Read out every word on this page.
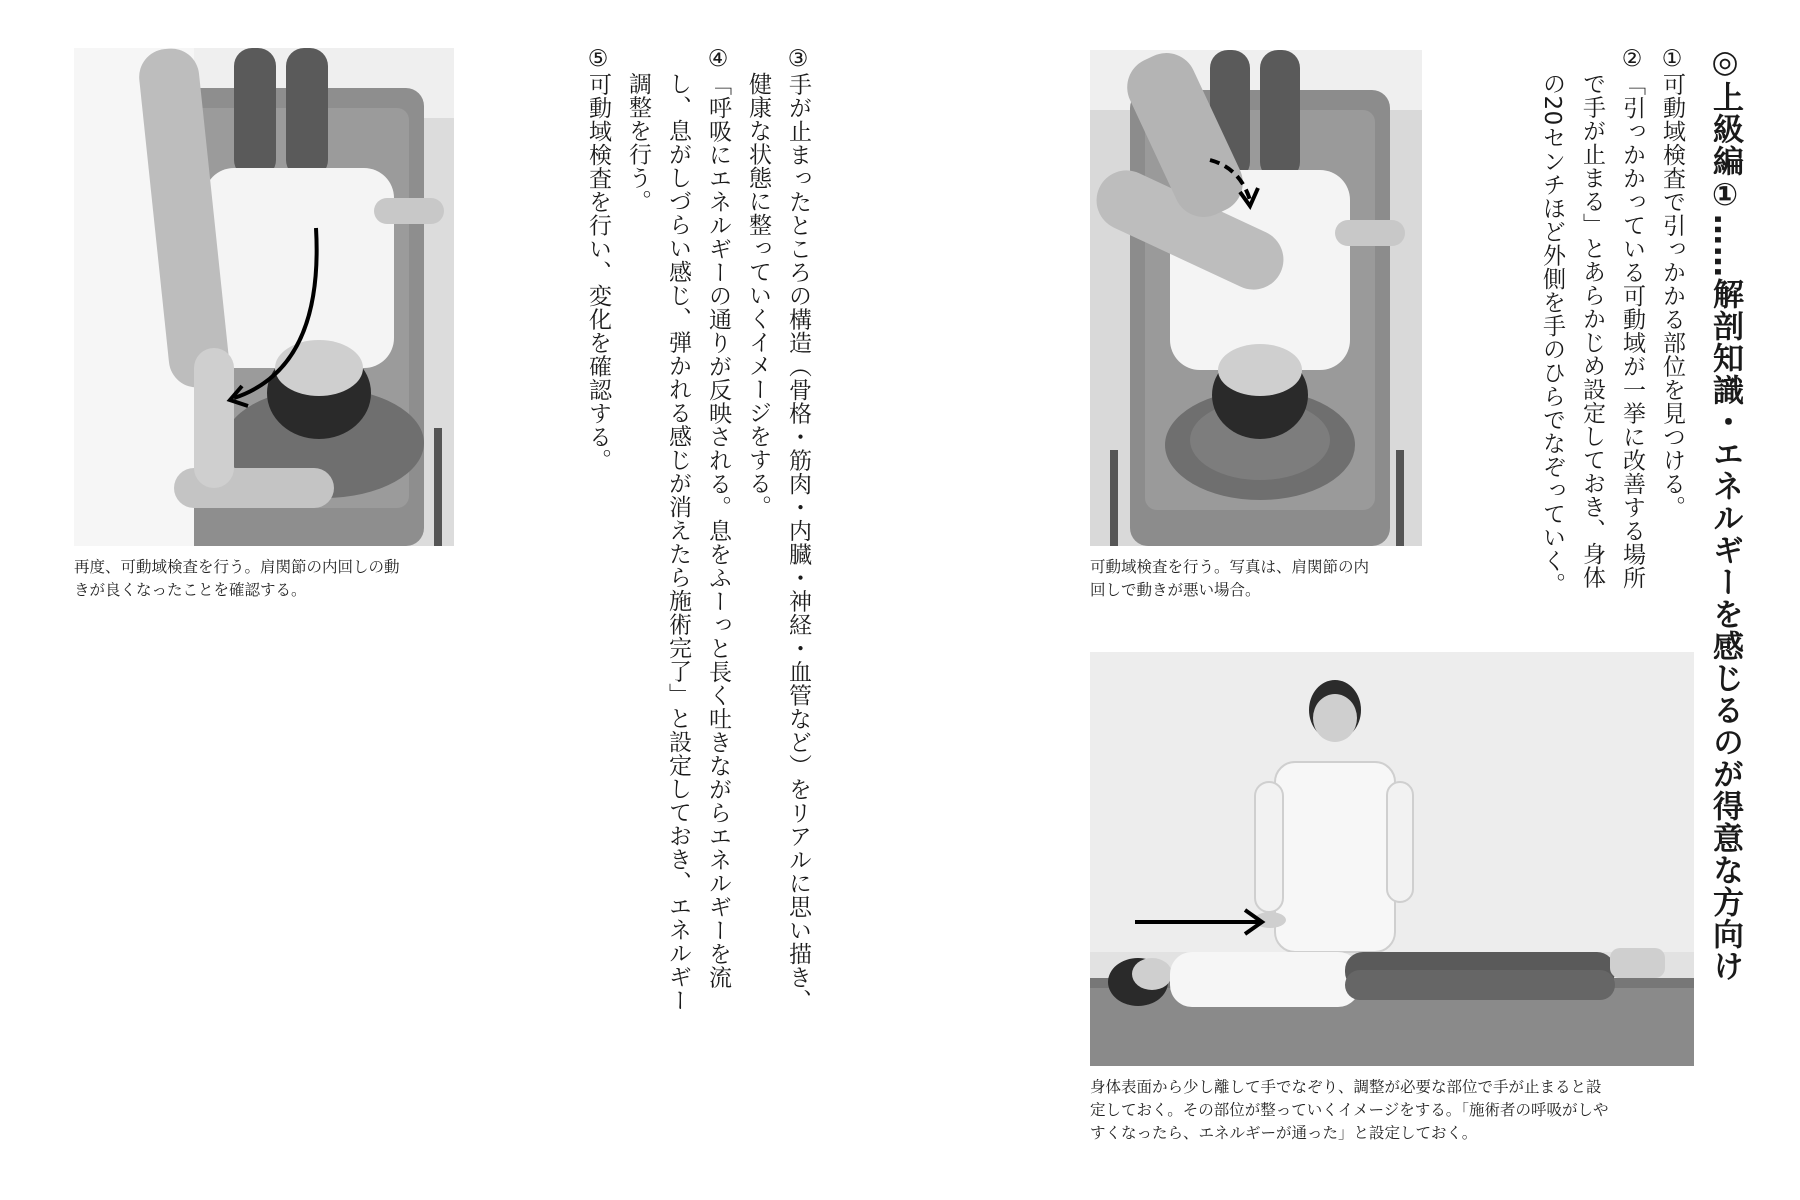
◎上級編①……解剖知識・エネルギーを感じるのが得意な方向け
①可動域検査で引っかかる部位を見つける。
②「引っかかっている可動域が一挙に改善する場所
で手が止まる」とあらかじめ設定しておき、身体
の20センチほど外側を手のひらでなぞっていく。
可動域検査を行う。写真は、肩関節の内
回しで動きが悪い場合。
身体表面から少し離して手でなぞり、調整が必要な部位で手が止まると設
定しておく。その部位が整っていくイメージをする。「施術者の呼吸がしや
すくなったら、エネルギーが通った」と設定しておく。
③手が止まったところの構造（骨格・筋肉・内臓・神経・血管など）をリアルに思い描き、
健康な状態に整っていくイメージをする。
④「呼吸にエネルギーの通りが反映される。息をふーっと長く吐きながらエネルギーを流
し、息がしづらい感じ、弾かれる感じが消えたら施術完了」と設定しておき、エネルギー
調整を行う。
⑤可動域検査を行い、変化を確認する。
再度、可動域検査を行う。肩関節の内回しの動
きが良くなったことを確認する。
